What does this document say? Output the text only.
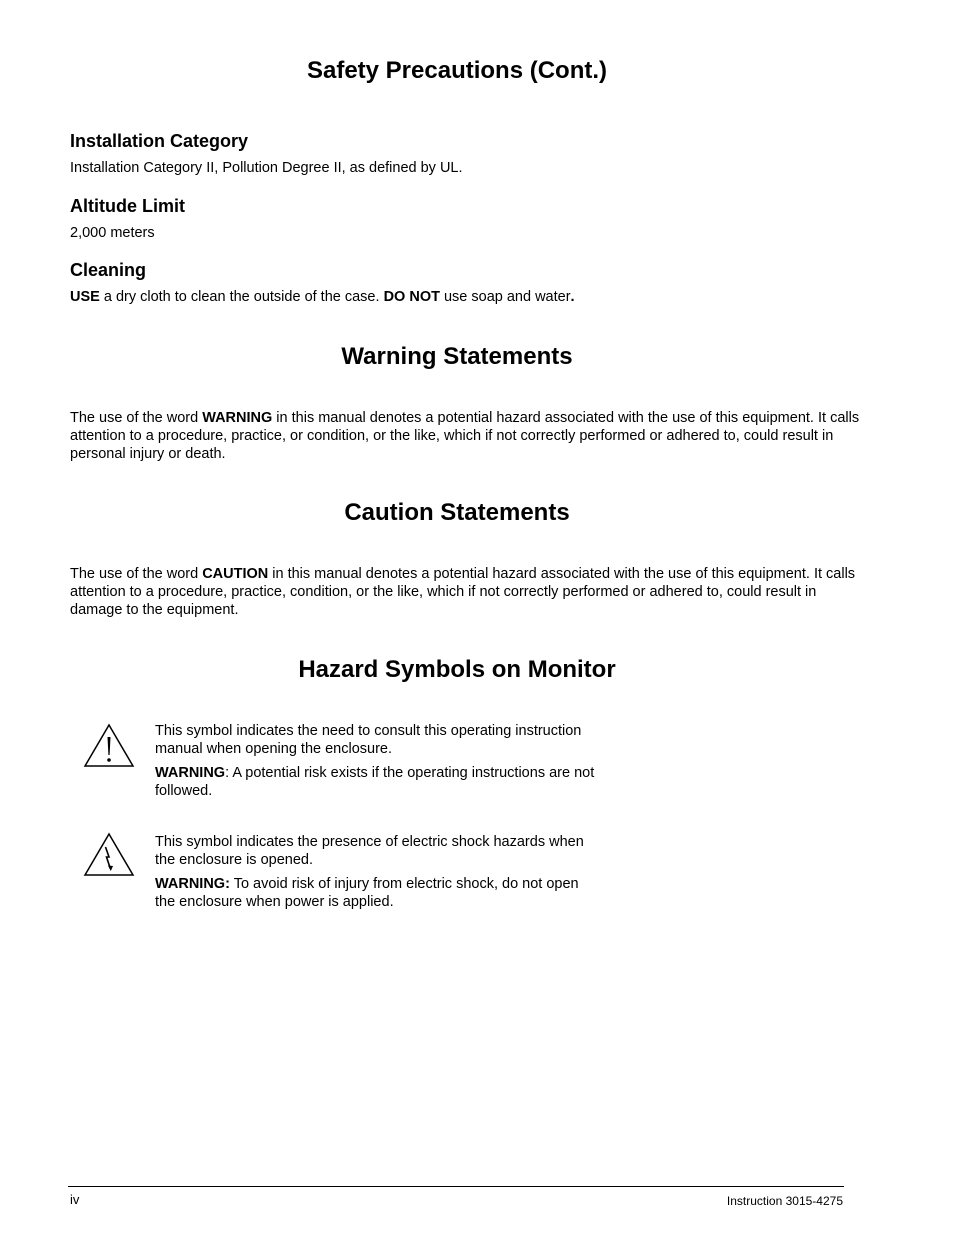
Safety Precautions (Cont.)
Installation Category
Installation Category II, Pollution Degree II, as defined by UL.
Altitude Limit
2,000 meters
Cleaning
USE a dry cloth to clean the outside of the case. DO NOT use soap and water.
Warning Statements
The use of the word WARNING in this manual denotes a potential hazard associated with the use of this equipment. It calls attention to a procedure, practice, or condition, or the like, which if not correctly performed or adhered to, could result in personal injury or death.
Caution Statements
The use of the word CAUTION in this manual denotes a potential hazard associated with the use of this equipment. It calls attention to a procedure, practice, condition, or the like, which if not correctly performed or adhered to, could result in damage to the equipment.
Hazard Symbols on Monitor
This symbol indicates the need to consult this operating instruction
manual when opening the enclosure.
WARNING: A potential risk exists if the operating instructions are not
followed.
This symbol indicates the presence of electric shock hazards when
the enclosure is opened.
WARNING: To avoid risk of injury from electric shock, do not open
the enclosure when power is applied.
iv	Instruction 3015-4275
